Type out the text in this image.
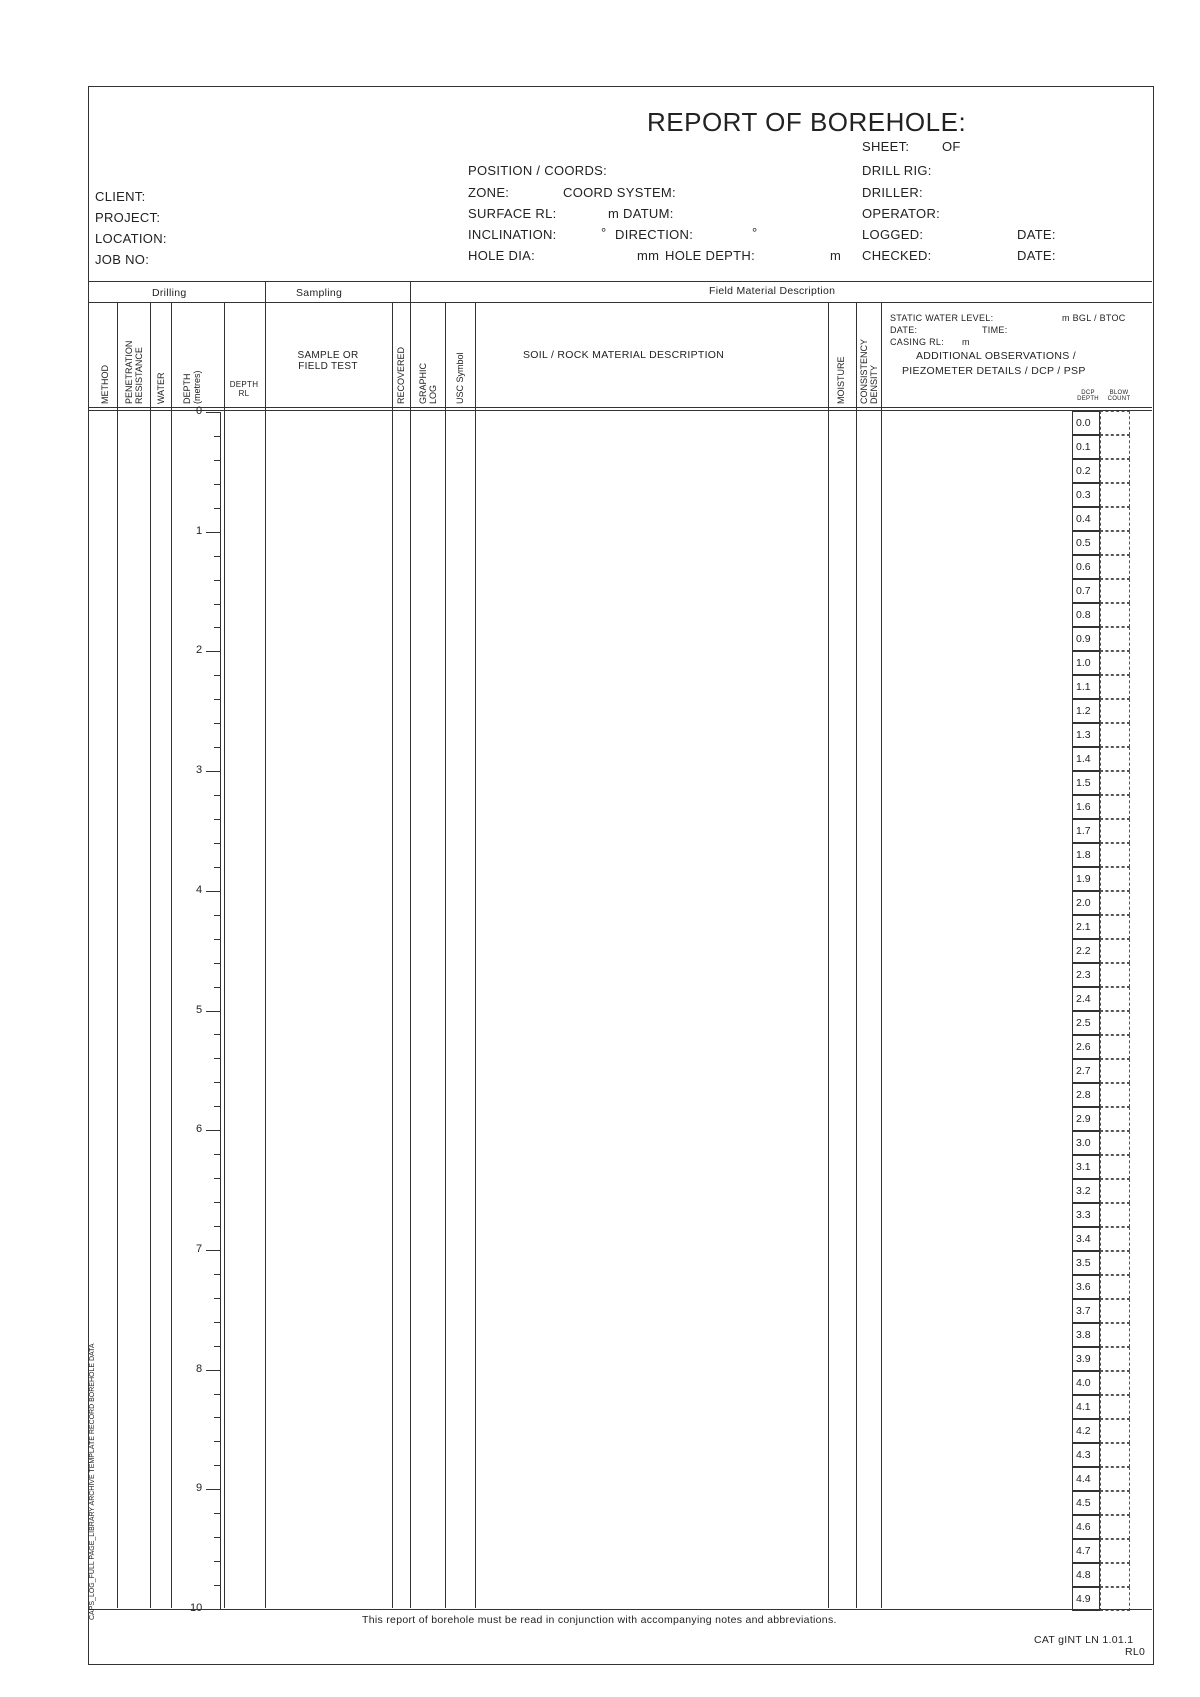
REPORT OF BOREHOLE:
SHEET:	OF
CLIENT:
PROJECT:
LOCATION:
JOB NO:
POSITION / COORDS:
ZONE:	COORD SYSTEM:
SURFACE RL:	m DATUM:
INCLINATION:	° DIRECTION:	°
HOLE DIA:	mm HOLE DEPTH:	m
DRILL RIG:
DRILLER:
OPERATOR:
LOGGED:
CHECKED:
DATE:
DATE:
Drilling	Sampling	Field Material Description
METHOD PENETRATION RESISTANCE WATER DEPTH (metres)	DEPTH RL
SAMPLE OR FIELD TEST	RECOVERED GRAPHIC LOG USC Symbol	SOIL / ROCK MATERIAL DESCRIPTION
MOISTURE CONSISTENCY DENSITY
STATIC WATER LEVEL:	m BGL / BTOC
DATE:	TIME:
CASING RL: m
ADDITIONAL OBSERVATIONS /
PIEZOMETER DETAILS / DCP / PSP
DCP DEPTH
BLOW COUNT
0
1
2
3
4
5
6
7
8
9
10
0.0
0.1
0.2
0.3
0.4
0.5
0.6
0.7
0.8
0.9
1.0
1.1
1.2
1.3
1.4
1.5
1.6
1.7
1.8
1.9
2.0
2.1
2.2
2.3
2.4
2.5
2.6
2.7
2.8
2.9
3.0
3.1
3.2
3.3
3.4
3.5
3.6
3.7
3.8
3.9
4.0
4.1
4.2
4.3
4.4
4.5
4.6
4.7
4.8
4.9
This report of borehole must be read in conjunction with accompanying notes and abbreviations.
CAT gINT LN 1.01.1
RL0
CAPS_LOG_FULL PAGE_LIBRARY ARCHIVE TEMPLATE RECORD BOREHOLE DATA
